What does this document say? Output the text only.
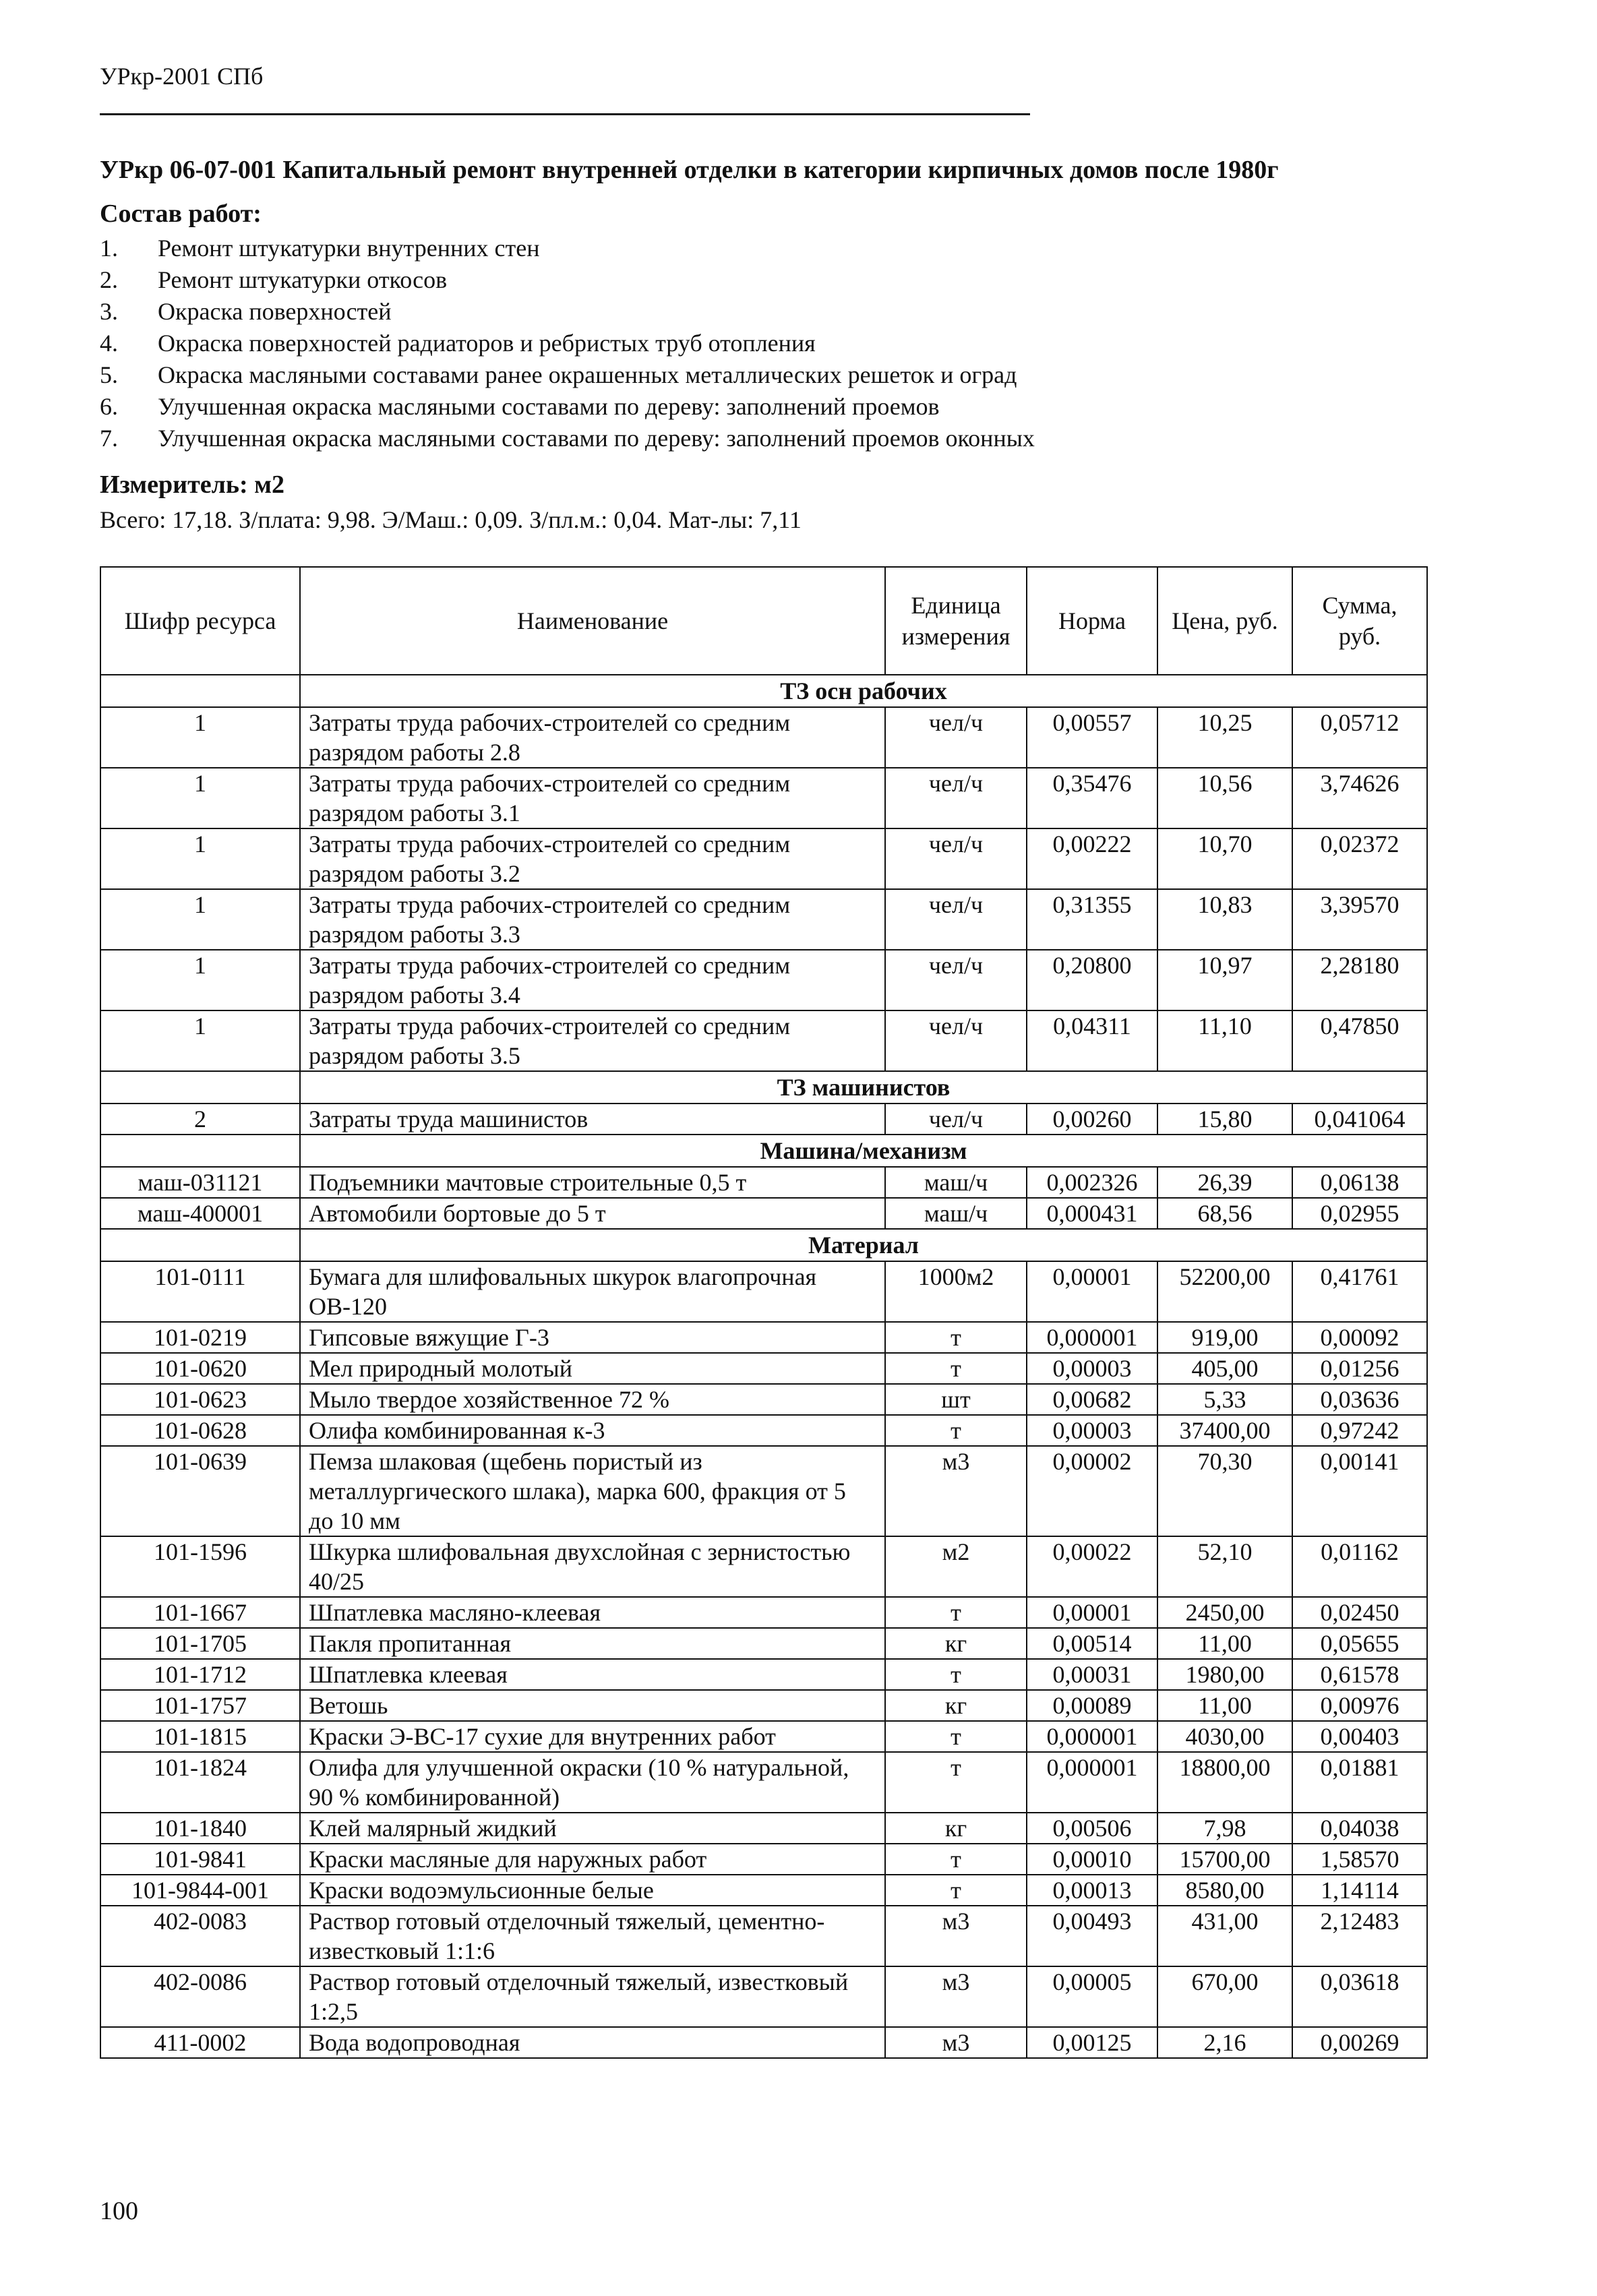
УРкр-2001 СПб
УРкр 06-07-001 Капитальный ремонт внутренней отделки в категории кирпичных домов после 1980г
Состав работ:
1. Ремонт штукатурки внутренних стен
2. Ремонт штукатурки откосов
3. Окраска поверхностей
4. Окраска поверхностей радиаторов и ребристых труб отопления
5. Окраска масляными составами ранее окрашенных металлических решеток и оград
6. Улучшенная окраска масляными составами по дереву: заполнений проемов
7. Улучшенная окраска масляными составами по дереву: заполнений проемов оконных
Измеритель: м2
Всего: 17,18. З/плата: 9,98. Э/Маш.: 0,09. З/пл.м.: 0,04. Мат-лы: 7,11
Шифр ресурса	Наименование	Единица измерения	Норма	Цена, руб.	Сумма, руб.
	ТЗ осн рабочих				
1	Затраты труда рабочих-строителей со средним разрядом работы 2.8	чел/ч	0,00557	10,25	0,05712
1	Затраты труда рабочих-строителей со средним разрядом работы 3.1	чел/ч	0,35476	10,56	3,74626
1	Затраты труда рабочих-строителей со средним разрядом работы 3.2	чел/ч	0,00222	10,70	0,02372
1	Затраты труда рабочих-строителей со средним разрядом работы 3.3	чел/ч	0,31355	10,83	3,39570
1	Затраты труда рабочих-строителей со средним разрядом работы 3.4	чел/ч	0,20800	10,97	2,28180
1	Затраты труда рабочих-строителей со средним разрядом работы 3.5	чел/ч	0,04311	11,10	0,47850
	ТЗ машинистов				
2	Затраты труда машинистов	чел/ч	0,00260	15,80	0,041064
	Машина/механизм				
маш-031121	Подъемники мачтовые строительные 0,5 т	маш/ч	0,002326	26,39	0,06138
маш-400001	Автомобили бортовые до 5 т	маш/ч	0,000431	68,56	0,02955
	Материал				
101-0111	Бумага для шлифовальных шкурок влагопрочная ОВ-120	1000м2	0,00001	52200,00	0,41761
101-0219	Гипсовые вяжущие Г-3	т	0,000001	919,00	0,00092
101-0620	Мел природный молотый	т	0,00003	405,00	0,01256
101-0623	Мыло твердое хозяйственное 72 %	шт	0,00682	5,33	0,03636
101-0628	Олифа комбинированная к-3	т	0,00003	37400,00	0,97242
101-0639	Пемза шлаковая (щебень пористый из металлургического шлака), марка 600, фракция от 5 до 10 мм	м3	0,00002	70,30	0,00141
101-1596	Шкурка шлифовальная двухслойная с зернистостью 40/25	м2	0,00022	52,10	0,01162
101-1667	Шпатлевка масляно-клеевая	т	0,00001	2450,00	0,02450
101-1705	Пакля пропитанная	кг	0,00514	11,00	0,05655
101-1712	Шпатлевка клеевая	т	0,00031	1980,00	0,61578
101-1757	Ветошь	кг	0,00089	11,00	0,00976
101-1815	Краски Э-ВС-17 сухие для внутренних работ	т	0,000001	4030,00	0,00403
101-1824	Олифа для улучшенной окраски (10 % натуральной, 90 % комбинированной)	т	0,000001	18800,00	0,01881
101-1840	Клей малярный жидкий	кг	0,00506	7,98	0,04038
101-9841	Краски масляные для наружных работ	т	0,00010	15700,00	1,58570
101-9844-001	Краски водоэмульсионные белые	т	0,00013	8580,00	1,14114
402-0083	Раствор готовый отделочный тяжелый, цементно-известковый 1:1:6	м3	0,00493	431,00	2,12483
402-0086	Раствор готовый отделочный тяжелый, известковый 1:2,5	м3	0,00005	670,00	0,03618
411-0002	Вода водопроводная	м3	0,00125	2,16	0,00269
100
